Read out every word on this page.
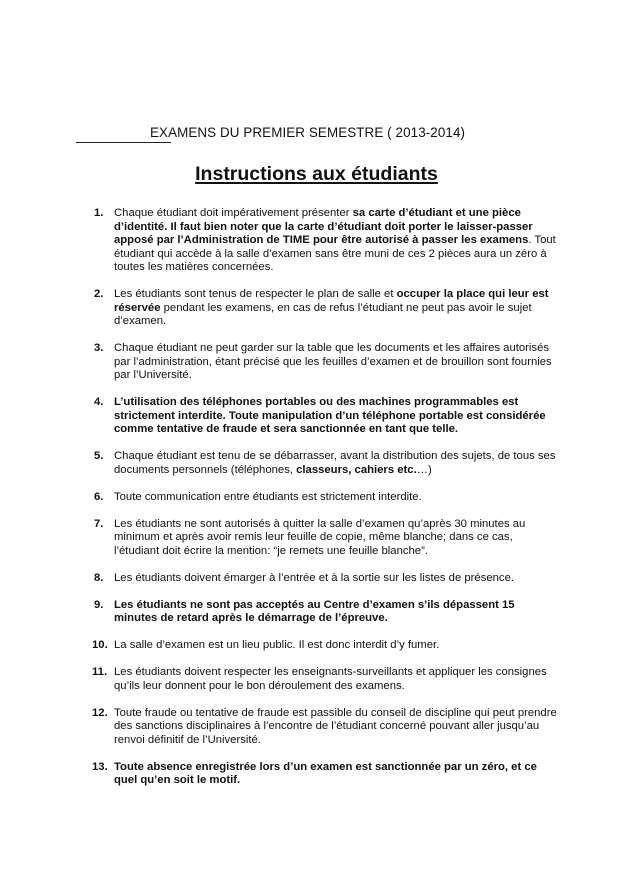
EXAMENS DU PREMIER SEMESTRE ( 2013-2014)
Instructions aux étudiants
1. Chaque étudiant doit impérativement présenter sa carte d’étudiant et une pièce d’identité. Il faut bien noter que la carte d’étudiant doit porter le laisser-passer apposé par l’Administration de TIME pour être autorisé à passer les examens. Tout étudiant qui accède à la salle d’examen sans être muni de ces 2 pièces aura un zéro à toutes les matières concernées.
2. Les étudiants sont tenus de respecter le plan de salle et occuper la place qui leur est réservée pendant les examens, en cas de refus l’étudiant ne peut pas avoir le sujet d’examen.
3. Chaque étudiant ne peut garder sur la table que les documents et les affaires autorisés par l’administration, étant précisé que les feuilles d’examen et de brouillon sont fournies par l’Université.
4. L’utilisation des téléphones portables ou des machines programmables est strictement interdite. Toute manipulation d’un téléphone portable est considérée comme tentative de fraude et sera sanctionnée en tant que telle.
5. Chaque étudiant est tenu de se débarrasser, avant la distribution des sujets, de tous ses documents personnels (téléphones, classeurs, cahiers etc.…)
6. Toute communication entre étudiants est strictement interdite.
7. Les étudiants ne sont autorisés à quitter la salle d’examen qu’après 30 minutes au minimum et après avoir remis leur feuille de copie, même blanche; dans ce cas, l’étudiant doit écrire la mention: “je remets une feuille blanche”.
8. Les étudiants doivent émarger à l’entrée et à la sortie sur les listes de présence.
9. Les étudiants ne sont pas acceptés au Centre d’examen s’ils dépassent 15 minutes de retard après le démarrage de l’épreuve.
10. La salle d’examen est un lieu public. Il est donc interdit d’y fumer.
11. Les étudiants doivent respecter les enseignants-surveillants et appliquer les consignes qu’ils leur donnent pour le bon déroulement des examens.
12. Toute fraude ou tentative de fraude est passible du conseil de discipline qui peut prendre des sanctions disciplinaires à l’encontre de l’étudiant concerné pouvant aller jusqu’au renvoi définitif de l’Université.
13. Toute absence enregistrée lors d’un examen est sanctionnée par un zéro, et ce quel qu’en soit le motif.
